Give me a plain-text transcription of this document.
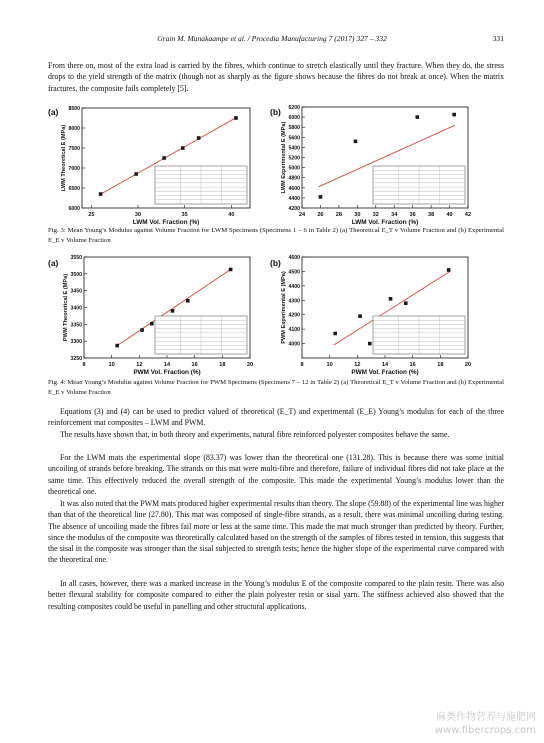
Grain M. Munakaampe et al. / Procedia Manufacturing 7 (2017) 327 – 332	331

From there on, most of the extra load is carried by the fibres, which continue to stretch elastically until they fracture. When they do, the stress drops to the yield strength of the matrix (though not as sharply as the figure shows because the fibres do not break at once). When the matrix fractures, the composite fails completely [5].

(a)	(b)
25	30	35	40
6000
6500
7000
7500
8000
8500
LWM Vol. Fraction (%)
LWM Theoretical E (MPa)
24 26 28 30 32 34 36 38 40 42
4200
4400
4600
4800
5000
5200
5400
5600
5800
6000
6200
LWM Vol. Fraction (%)
LWM Experimental E (MPa)

Fig. 3: Mean Young’s Modulus against Volume Fraction for LWM Specimens (Specimens 1 – 6 in Table 2) (a) Theoretical E_T v Volume Fraction and (b) Experimental E_E v Volume Fraction

(a)	(b)
8	10	12	14	16	18	20
3250
3300
3350
3400
3450
3500
3550
PWM Vol. Fraction (%)
PWM Theoretical E (MPa)
8	10	12	14	16	18	20
4000
4100
4200
4300
4400
4500
4600
PWM Vol. Fraction (%)
PWM Experimental E (MPa)

Fig. 4: Mean Young’s Modulus against Volume Fraction for PWM Specimens (Specimens 7 – 12 in Table 2) (a) Theoretical E_T v Volume Fraction and (b) Experimental E_E v Volume Fraction

Equations (3) and (4) can be used to predict valued of theoretical (E_T) and experimental (E_E) Young’s modulus for each of the three reinforcement mat composites – LWM and PWM.

The results have shown that, in both theory and experiments, natural fibre reinforced polyester composites behave the same.

For the LWM mats the experimental slope (83.37) was lower than the theoretical one (131.28). This is because there was some initial uncoiling of strands before breaking. The strands on this mat were multi-fibre and therefore, failure of individual fibres did not take place at the same time. This effectively reduced the overall strength of the composite. This made the experimental Young’s modulus lower than the theoretical one.

It was also noted that the PWM mats produced higher experimental results than theory. The slope (59.88) of the experimental line was higher than that of the theoretical line (27.80). This mat was composed of single-fibre strands, as a result, there was minimal uncoiling during testing. The absence of uncoiling made the fibres fail more or less at the same time. This made the mat much stronger than predicted by theory. Further, since the modulus of the composite was theoretically calculated based on the strength of the samples of fibres tested in tension, this suggests that the sisal in the composite was stronger than the sisal subjected to strength tests; hence the higher slope of the experimental curve compared with the theoretical one.

In all cases, however, there was a marked increase in the Young’s modulus E of the composite compared to the plain resin. There was also better flexural stability for composite compared to either the plain polyester resin or sisal yarn. The stiffness achieved also showed that the resulting composites could be useful in panelling and other structural applications.

麻类作物营养与施肥网
www.fibercrops.com
